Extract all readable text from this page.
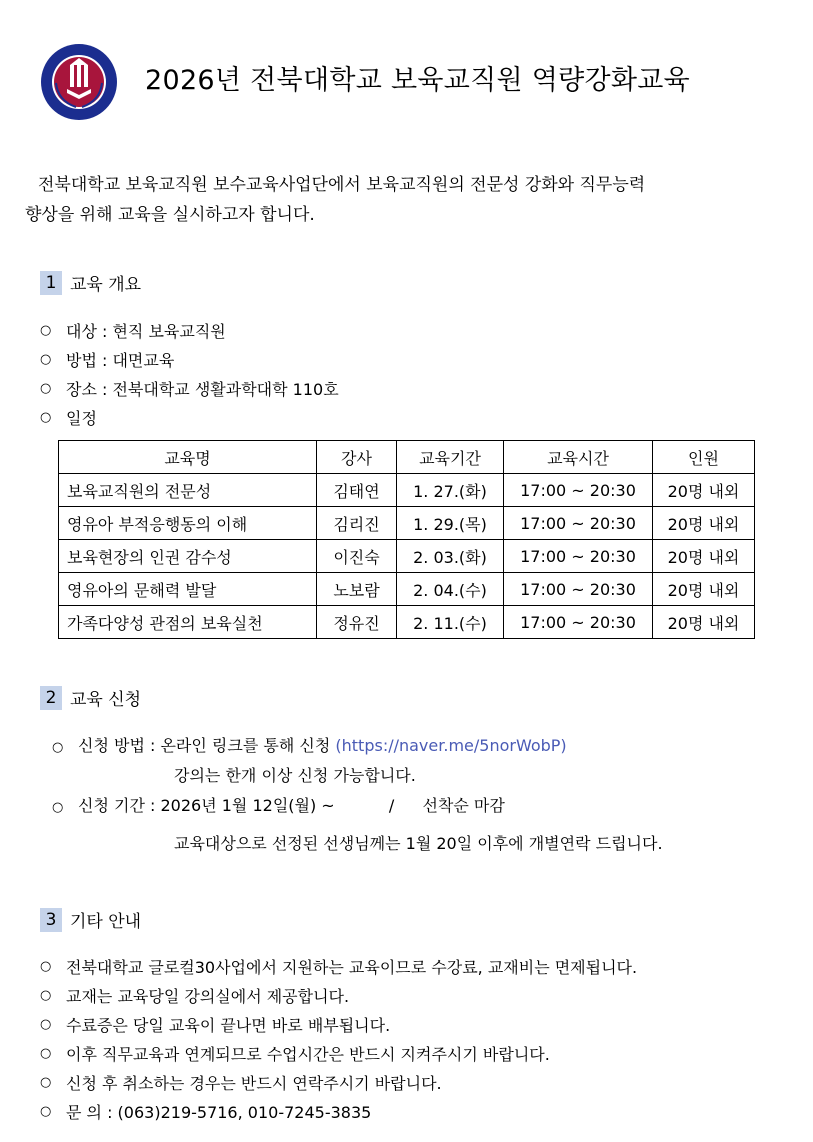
2026년 전북대학교 보육교직원 역량강화교육
전북대학교 보육교직원 보수교육사업단에서 보육교직원의 전문성 강화와 직무능력
향상을 위해 교육을 실시하고자 합니다.
1 교육 개요
○ 대상 : 현직 보육교직원
○ 방법 : 대면교육
○ 장소 : 전북대학교 생활과학대학 110호
○ 일정
교육명	강사	교육기간	교육시간	인원
보육교직원의 전문성	김태연	1. 27.(화)	17:00 ~ 20:30	20명 내외
영유아 부적응행동의 이해	김리진	1. 29.(목)	17:00 ~ 20:30	20명 내외
보육현장의 인권 감수성	이진숙	2. 03.(화)	17:00 ~ 20:30	20명 내외
영유아의 문해력 발달	노보람	2. 04.(수)	17:00 ~ 20:30	20명 내외
가족다양성 관점의 보육실천	정유진	2. 11.(수)	17:00 ~ 20:30	20명 내외
2 교육 신청
○ 신청 방법 : 온라인 링크를 통해 신청 (https://naver.me/5norWobP)
강의는 한개 이상 신청 가능합니다.
○ 신청 기간 : 2026년 1월 12일(월) ~	/ 선착순 마감
교육대상으로 선정된 선생님께는 1월 20일 이후에 개별연락 드립니다.
3 기타 안내
○ 전북대학교 글로컬30사업에서 지원하는 교육이므로 수강료, 교재비는 면제됩니다.
○ 교재는 교육당일 강의실에서 제공합니다.
○ 수료증은 당일 교육이 끝나면 바로 배부됩니다.
○ 이후 직무교육과 연계되므로 수업시간은 반드시 지켜주시기 바랍니다.
○ 신청 후 취소하는 경우는 반드시 연락주시기 바랍니다.
○ 문 의 : (063)219-5716, 010-7245-3835
